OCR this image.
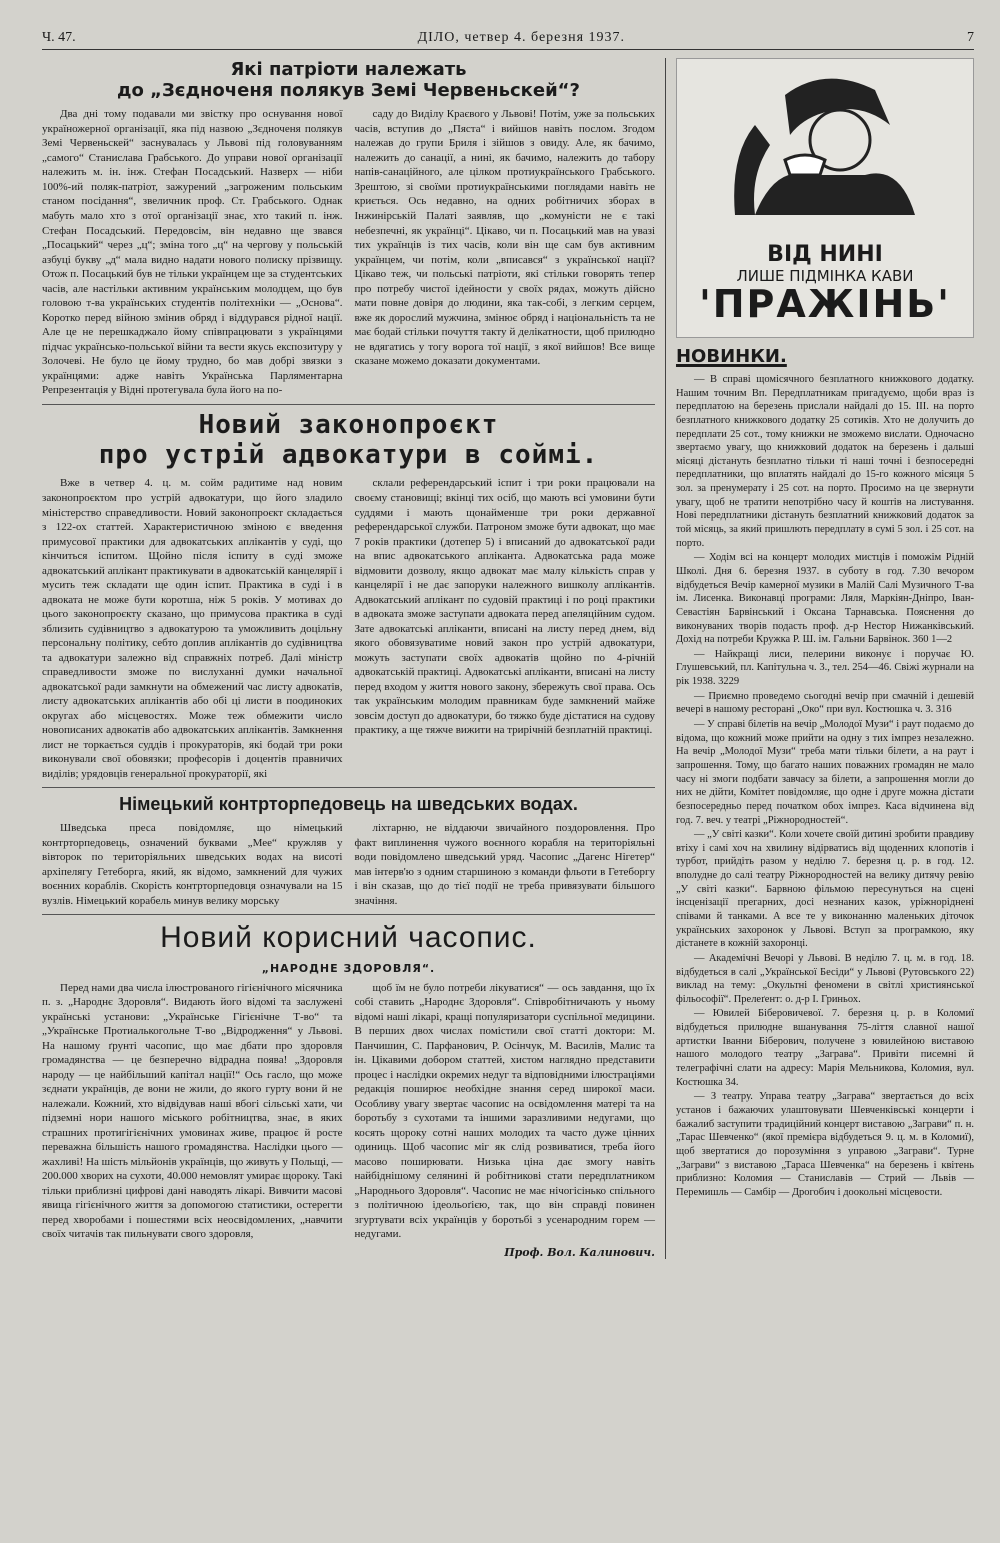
Ч. 47.	ДІЛО, четвер 4. березня 1937.	7
Які патріоти належать
до „Зєдноченя полякув Земі Червеньскей“?

Два дні тому подавали ми звістку про оснування нової україножерної організації, яка під назвою „Зєдноченя полякув Земі Червеньскей“ заснувалась у Львові під головуванням „самого“ Станислава Грабського. До управи нової організації належить м. ін. інж. Стефан Посадський. Назверх — ніби 100%-ий поляк-патріот, зажурений „загроженим польським станом посідання“, звеличник проф. Ст. Грабського. Однак мабуть мало хто з отої організації знає, хто такий п. інж. Стефан Посадський. Передовсім, він недавно ще звався „Посацький“ через „ц“; зміна того „ц“ на чергову у польській азбуці букву „д“ мала видно надати нового полиску прізвищу. Отож п. Посацький був не тільки українцем ще за студентських часів, але настільки активним українським молодцем, що був головою т-ва українських студентів політехніки — „Основа“. Коротко перед війною змінив обряд і віддурався рідної нації. Але це не перешкаджало йому співпрацювати з українцями підчас українсько-польської війни та вести якусь експозитуру у Золочеві. Не було це йому трудно, бо мав добрі звязки з українцями: адже навіть Українська Парляментарна Репрезентація у Відні протегувала була його на по-

саду до Виділу Краєвого у Львові! Потім, уже за польських часів, вступив до „Пяста“ і вийшов навіть послом. Згодом належав до групи Бриля і зійшов з овиду. Але, як бачимо, належить до санації, а нині, як бачимо, належить до табору напів-санаційного, але цілком протиукраїнського Грабського. Зрештою, зі своїми протиукраїнськими поглядами навіть не криється. Ось недавно, на одних робітничих зборах в Інжинірській Палаті заявляв, що „комуністи не є такі небезпечні, як українці“. Цікаво, чи п. Посацький мав на увазі тих українців із тих часів, коли він ще сам був активним українцем, чи потім, коли „вписався“ з української нації? Цікаво теж, чи польські патріоти, які стільки говорять тепер про потребу чистої ідейности у своїх рядах, можуть дійсно мати повне довіря до людини, яка так-собі, з легким серцем, вже як дорослий мужчина, змінює обряд і національність та не має бодай стільки почуття такту й делікатности, щоб прилюдно не вдягатись у тогу ворога тої нації, з якої вийшов! Все вище сказане можемо доказати документами.

Новий законопроєкт
про устрій адвокатури в соймі.

Вже в четвер 4. ц. м. сойм радитиме над новим законопроєктом про устрій адвокатури, що його зладило міністерство справедливости. Новий законопроєкт складається з 122-ох статтей. Характеристичною зміною є введення примусової практики для адвокатських аплікантів у суді, що кінчиться іспитом. Щойно після іспиту в суді зможе адвокатський аплікант практикувати в адвокатській канцелярії і мусить теж складати ще один іспит. Практика в суді і в адвоката не може бути коротша, ніж 5 років. У мотивах до цього законопроєкту сказано, що примусова практика в суді зблизить судівництво з адвокатурою та уможливить доцільну персональну політику, себто доплив аплікантів до судівництва та адвокатури залежно від справжніх потреб. Далі міністр справедливости зможе по вислуханні думки начальної адвокатської ради замкнути на обмежений час листу адвокатів, листу адвокатських аплікантів або обі ці листи в поодиноких округах або місцевостях. Може теж обмежити число новописаних адвокатів або адвокатських аплікантів. Замкнення лист не торкається суддів і прокураторів, які бодай три роки виконували свої обовязки; професорів і доцентів правничих виділів; урядовців генеральної прокураторії, які

склали референдарський іспит і три роки працювали на своєму становищі; вкінці тих осіб, що мають всі умовини бути суддями і мають щонайменше три роки державної референдарської служби. Патроном зможе бути адвокат, що має 7 років практики (дотепер 5) і вписаний до адвокатської ради на впис адвокатського аплікантa. Адвокатська рада може відмовити дозволу, якщо адвокат має малу кількість справ у канцелярії і не дає запоруки належного вишколу аплікантів. Адвокатський аплікант по судовій практиці і по році практики в адвоката зможе заступати адвоката перед апеляційним судом. Зате адвокатські апліканти, вписані на листу перед днем, від якого обовязуватиме новий закон про устрій адвокатури, можуть заступати своїх адвокатів щойно по 4-річній адвокатській практиці. Адвокатські апліканти, вписані на листу перед входом у життя нового закону, збережуть свої права. Ось так українським молодим правникам буде замкнений майже зовсім доступ до адвокатури, бо тяжко буде дістатися на судову практику, а ще тяжче вижити на трирічній безплатній практиці.

Німецький контрторпедовець на шведських водах.

Шведська преса повідомляє, що німецький контрторпедовець, означений буквами „Мее“ кружляв у вівторок по територіяльних шведських водах на висоті архіпелягу Гетеборга, який, як відомо, замкнений для чужих воєнних кораблів. Скорість контрторпедовця означували на 15 вузлів. Німецький корабель минув велику морську

ліхтарню, не віддаючи звичайного поздоровлення. Про факт виплинення чужого воєнного корабля на територіяльні води повідомлено шведський уряд. Часопис „Дагенс Нігетер“ мав інтерв'ю з одним старшиною з команди фльоти в Гетеборгу і він сказав, що до тієї події не треба привязувати більшого значіння.

Новий корисний часопис.
„НАРОДНЕ ЗДОРОВЛЯ“.

Перед нами два числа ілюстрованого гігієнічного місячника п. з. „Народнє Здоровля“. Видають його відомі та заслужені українські установи: „Українське Гігієнічне Т-во“ та „Українське Протиалькогольне Т-во „Відродження“ у Львові. На нашому ґрунті часопис, що має дбати про здоровля громадянства — це безперечно відрадна поява! „Здоровля народу — це найбільший капітал нації!“ Ось гасло, що може зєднати українців, де вони не жили, до якого гурту вони й не належали. Кожний, хто відвідував наші вбогі сільські хати, чи підземні нори нашого міського робітництва, знає, в яких страшних протигігієнічних умовинах живе, працює й росте переважна більшість нашого громадянства. Наслідки цього — жахливі! На шість мільйонів українців, що живуть у Польщі, — 200.000 хворих на сухоти, 40.000 немовлят умирає щороку. Такі тільки приблизні цифрові дані наводять лікарі. Вивчити масові явища гігієнічного життя за допомогою статистики, остерегти перед хворобами і пошестями всіх неосвідомлених, „навчити своїх читачів так пильнувати свого здоровля,

щоб їм не було потреби лікуватися“ — ось завдання, що їх собі ставить „Народнє Здоровля“. Співробітничають у ньому відомі наші лікарі, кращі популяризатори суспільної медицини. В перших двох числах помістили свої статті доктори: М. Панчишин, С. Парфанович, Р. Осінчук, М. Василів, Малис та ін. Цікавими добором статтей, хистом наглядно представити процес і наслідки окремих недуг та відповідними ілюстраціями редакція поширює необхідне знання серед широкої маси. Особливу увагу звертає часопис на освідомлення матері та на боротьбу з сухотами та іншими заразливими недугами, що косять щороку сотні наших молодих та часто дуже цінних одиниць. Щоб часопис міг як слід розвиватися, треба його масово поширювати. Низька ціна дає змогу навіть найбіднішому селянині й робітникові стати передплатником „Народнього Здоровля“. Часопис не має нічогісінько спільного з політичною ідеольоґією, так, що він справді повинен згуртувати всіх українців у боротьбі з усенародним горем — недугами.

Проф. Вол. Калинович.
ВІД НИНІ
ЛИШЕ ПІДМІНКА КАВИ
'ПРАЖІНЬ'
НОВИНКИ.

— В справі щомісячного безплатного книжкового додатку. Нашим точним Вп. Передплатникам пригадуємо, щоби враз із передплатою на березень прислали найдалі до 15. III. на порто безплатного книжкового додатку 25 сотиків. Хто не долучить до передплати 25 сот., тому книжки не зможемо вислати. Одночасно звертаємо увагу, що книжковий додаток на березень і дальші місяці дістануть безплатно тільки ті наші точні і безпосередні передплатники, що вплатять найдалі до 15-го кожного місяця 5 зол. за пренумерату і 25 сот. на порто. Просимо на це звернути увагу, щоб не тратити непотрібно часу й коштів на листування. Нові передплатники дістануть безплатний книжковий додаток за той місяць, за який пришлють передплату в сумі 5 зол. і 25 сот. на порто.

— Ходім всі на концерт молодих мистців і поможім Рідній Школі. Дня 6. березня 1937. в суботу в год. 7.30 вечором відбудеться Вечір камерної музики в Малій Салі Музичного Т-ва ім. Лисенка. Виконавці програми: Ляля, Маркіян-Дніпро, Іван-Севастіян Барвінський і Оксана Тарнавська. Пояснення до виконуваних творів подасть проф. д-р Нестор Нижанківський. Дохід на потреби Кружка Р. Ш. ім. Гальни Барвінок. 360 1—2

— Найкращі лиси, пелерини виконує і поручає Ю. Глушевський, пл. Капітульна ч. 3., тел. 254—46. Свіжі журнали на рік 1938. 3229

— Приємно проведемо сьогодні вечір при смачній і дешевій вечері в нашому ресторані „Око“ при вул. Костюшка ч. 3. 316

— У справі білетів на вечір „Молодої Музи“ і раут подаємо до відома, що кожний може прийти на одну з тих імпрез незалежно. На вечір „Молодої Музи“ треба мати тільки білети, а на раут і запрошення. Тому, що багато наших поважних громадян не мало часу ні змоги подбати завчасу за білети, а запрошення могли до них не дійти, Комітет повідомляє, що одне і друге можна дістати безпосередньо перед початком обох імпрез. Каса відчинена від год. 7. веч. у театрі „Ріжнородностей“.

— „У світі казки“. Коли хочете своїй дитині зробити правдиву втіху і самі хоч на хвилину відірватись від щоденних клопотів і турбот, прийдіть разом у неділю 7. березня ц. р. в год. 12. вполудне до салі театру Ріжнородностей на велику дитячу ревію „У світі казки“. Барвною фільмою пересунуться на сцені інсценізації прегарних, досі незнаних казок, уріжноріднені співами й танками. А все те у виконанню маленьких діточок українських захоронок у Львові. Вступ за програмкою, яку дістанете в кожній захоронці.

— Академічні Вечорі у Львові. В неділю 7. ц. м. в год. 18. відбудеться в салі „Української Бесіди“ у Львові (Рутовського 22) виклад на тему: „Окультні феномени в світлі християнської фільософії“. Прелеґент: о. д-р І. Гриньох.

— Ювилей Біберовичевої. 7. березня ц. р. в Коломиї відбудеться прилюдне вшанування 75-ліття славної нашої артистки Іванни Біберович, получене з ювилейною виставою нашого молодого театру „Заграва“. Привіти писемні й телеграфічні слати на адресу: Марія Мельникова, Коломия, вул. Костюшка 34.

— З театру. Управа театру „Заграва“ звертається до всіх установ і бажаючих улаштовувати Шевченківські концерти і бажалиб заступити традиційний концерт виставою „Заграви“ п. н. „Тарас Шевченко“ (якої премієра відбудеться 9. ц. м. в Коломиї), щоб звертатися до порозуміння з управою „Заграви“. Турне „Заграви“ з виставою „Тараса Шевченка“ на березень і квітень приблизно: Коломия — Станиславів — Стрий — Львів — Перемишль — Самбір — Дрогобич і доокольні місцевости.
